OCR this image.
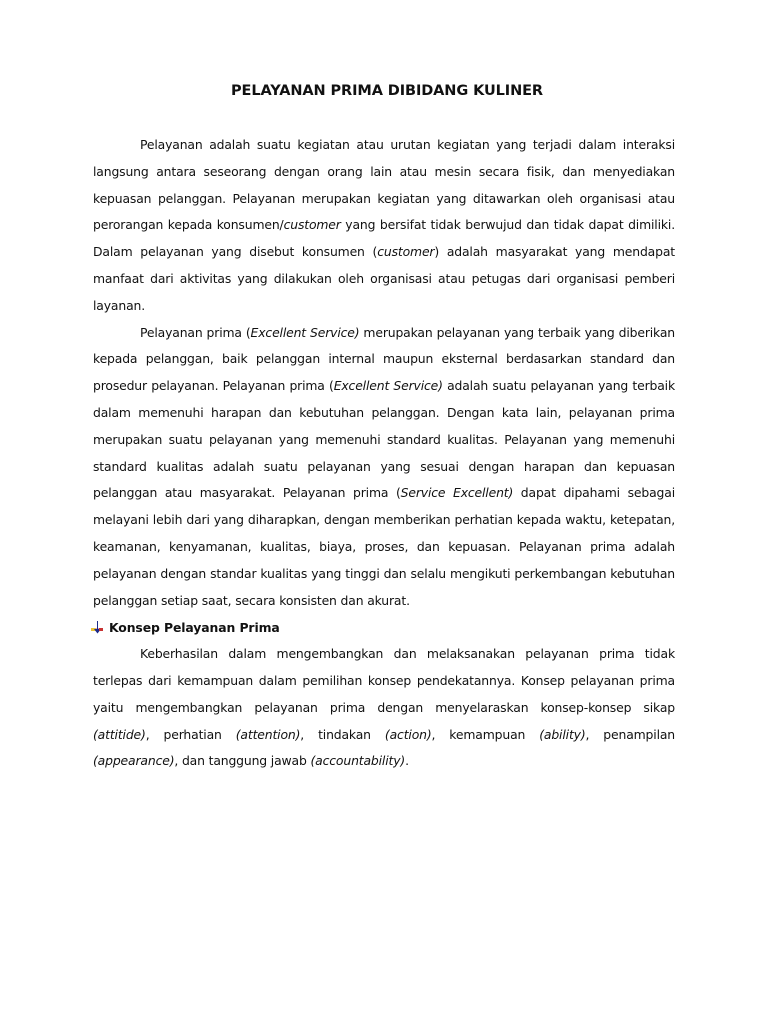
PELAYANAN PRIMA DIBIDANG KULINER

Pelayanan adalah suatu kegiatan atau urutan kegiatan yang terjadi dalam interaksi langsung antara seseorang dengan orang lain atau mesin secara fisik, dan menyediakan kepuasan pelanggan. Pelayanan merupakan kegiatan yang ditawarkan oleh organisasi atau perorangan kepada konsumen/customer yang bersifat tidak berwujud dan tidak dapat dimiliki. Dalam pelayanan yang disebut konsumen (customer) adalah masyarakat yang mendapat manfaat dari aktivitas yang dilakukan oleh organisasi atau petugas dari organisasi pemberi layanan.

Pelayanan prima (Excellent Service) merupakan pelayanan yang terbaik yang diberikan kepada pelanggan, baik pelanggan internal maupun eksternal berdasarkan standard dan prosedur pelayanan. Pelayanan prima (Excellent Service) adalah suatu pelayanan yang terbaik dalam memenuhi harapan dan kebutuhan pelanggan. Dengan kata lain, pelayanan prima merupakan suatu pelayanan yang memenuhi standard kualitas. Pelayanan yang memenuhi standard kualitas adalah suatu pelayanan yang sesuai dengan harapan dan kepuasan pelanggan atau masyarakat. Pelayanan prima (Service Excellent) dapat dipahami sebagai melayani lebih dari yang diharapkan, dengan memberikan perhatian kepada waktu, ketepatan, keamanan, kenyamanan, kualitas, biaya, proses, dan kepuasan. Pelayanan prima adalah pelayanan dengan standar kualitas yang tinggi dan selalu mengikuti perkembangan kebutuhan pelanggan setiap saat, secara konsisten dan akurat.

Konsep Pelayanan Prima

Keberhasilan dalam mengembangkan dan melaksanakan pelayanan prima tidak terlepas dari kemampuan dalam pemilihan konsep pendekatannya. Konsep pelayanan prima yaitu mengembangkan pelayanan prima dengan menyelaraskan konsep-konsep sikap (attitide), perhatian (attention), tindakan (action), kemampuan (ability), penampilan (appearance), dan tanggung jawab (accountability).
